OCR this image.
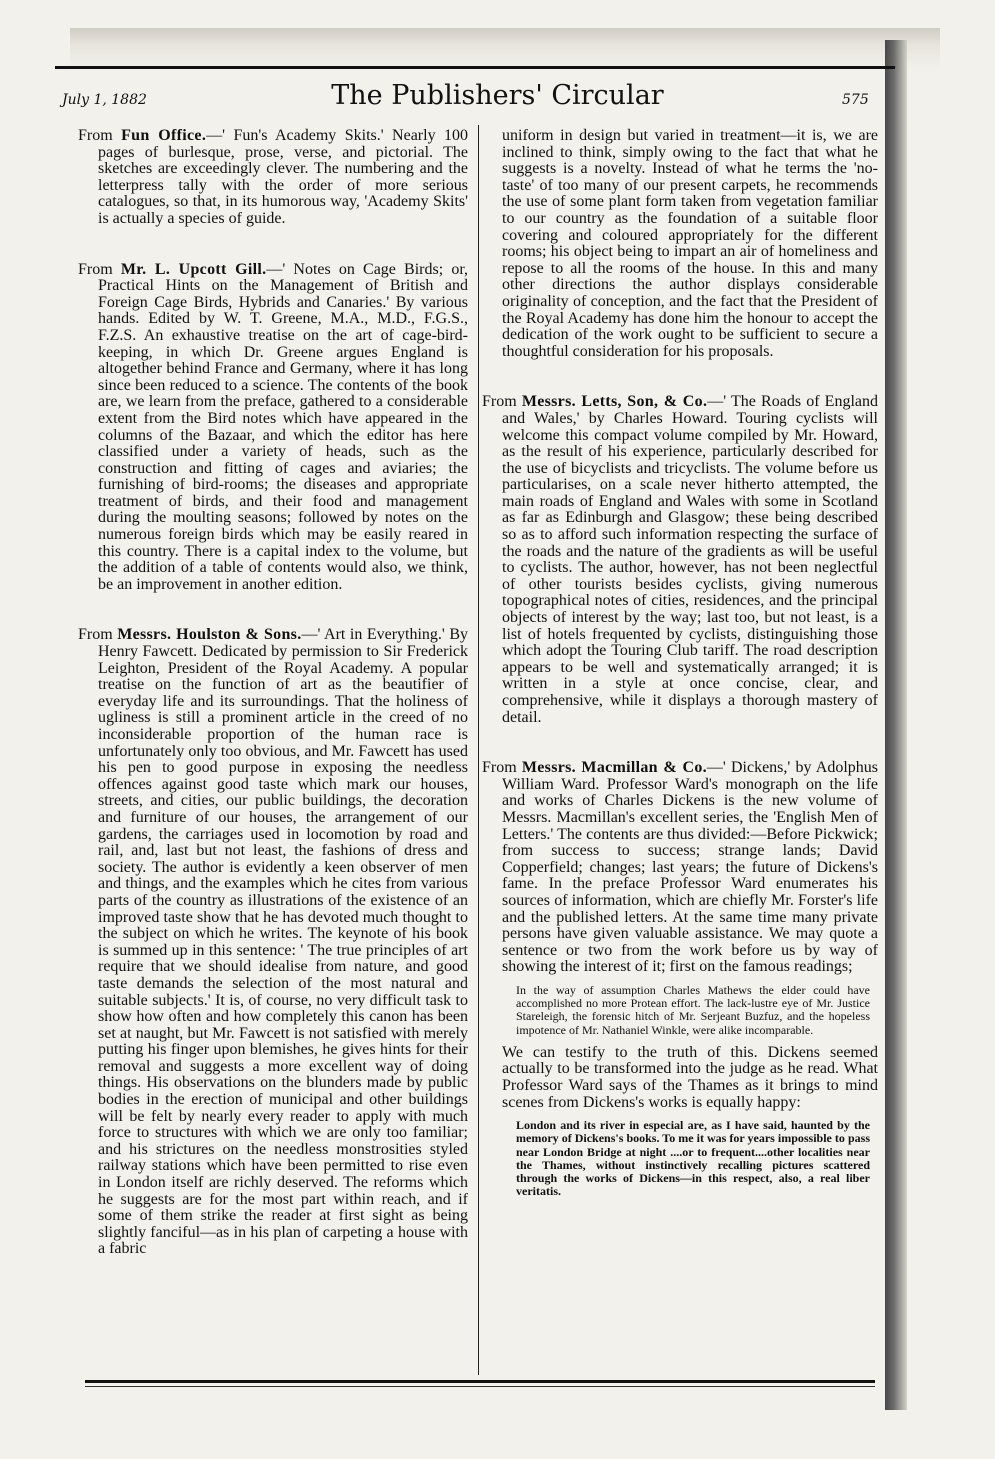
July 1, 1882	The Publishers' Circular	575

From Fun Office.—' Fun's Academy Skits.' Nearly 100 pages of burlesque, prose, verse, and pictorial. The sketches are exceedingly clever. The numbering and the letterpress tally with the order of more serious catalogues, so that, in its humorous way, 'Academy Skits' is actually a species of guide.

From Mr. L. Upcott Gill.—' Notes on Cage Birds; or, Practical Hints on the Management of British and Foreign Cage Birds, Hybrids and Canaries.' By various hands. Edited by W. T. Greene, M.A., M.D., F.G.S., F.Z.S. An exhaustive treatise on the art of cage-bird-keeping, in which Dr. Greene argues England is altogether behind France and Germany, where it has long since been reduced to a science. The contents of the book are, we learn from the preface, gathered to a considerable extent from the Bird notes which have appeared in the columns of the Bazaar, and which the editor has here classified under a variety of heads, such as the construction and fitting of cages and aviaries; the furnishing of bird-rooms; the diseases and appropriate treatment of birds, and their food and management during the moulting seasons; followed by notes on the numerous foreign birds which may be easily reared in this country. There is a capital index to the volume, but the addition of a table of contents would also, we think, be an improvement in another edition.

From Messrs. Houlston & Sons.—' Art in Everything.' By Henry Fawcett. Dedicated by permission to Sir Frederick Leighton, President of the Royal Academy. A popular treatise on the function of art as the beautifier of everyday life and its surroundings. That the holiness of ugliness is still a prominent article in the creed of no inconsiderable proportion of the human race is unfortunately only too obvious, and Mr. Fawcett has used his pen to good purpose in exposing the needless offences against good taste which mark our houses, streets, and cities, our public buildings, the decoration and furniture of our houses, the arrangement of our gardens, the carriages used in locomotion by road and rail, and, last but not least, the fashions of dress and society. The author is evidently a keen observer of men and things, and the examples which he cites from various parts of the country as illustrations of the existence of an improved taste show that he has devoted much thought to the subject on which he writes. The keynote of his book is summed up in this sentence: ' The true principles of art require that we should idealise from nature, and good taste demands the selection of the most natural and suitable subjects.' It is, of course, no very difficult task to show how often and how completely this canon has been set at naught, but Mr. Fawcett is not satisfied with merely putting his finger upon blemishes, he gives hints for their removal and suggests a more excellent way of doing things. His observations on the blunders made by public bodies in the erection of municipal and other buildings will be felt by nearly every reader to apply with much force to structures with which we are only too familiar; and his strictures on the needless monstrosities styled railway stations which have been permitted to rise even in London itself are richly deserved. The reforms which he suggests are for the most part within reach, and if some of them strike the reader at first sight as being slightly fanciful—as in his plan of carpeting a house with a fabric

uniform in design but varied in treatment—it is, we are inclined to think, simply owing to the fact that what he suggests is a novelty. Instead of what he terms the 'no-taste' of too many of our present carpets, he recommends the use of some plant form taken from vegetation familiar to our country as the foundation of a suitable floor covering and coloured appropriately for the different rooms; his object being to impart an air of homeliness and repose to all the rooms of the house. In this and many other directions the author displays considerable originality of conception, and the fact that the President of the Royal Academy has done him the honour to accept the dedication of the work ought to be sufficient to secure a thoughtful consideration for his proposals.

From Messrs. Letts, Son, & Co.—' The Roads of England and Wales,' by Charles Howard. Touring cyclists will welcome this compact volume compiled by Mr. Howard, as the result of his experience, particularly described for the use of bicyclists and tricyclists. The volume before us particularises, on a scale never hitherto attempted, the main roads of England and Wales with some in Scotland as far as Edinburgh and Glasgow; these being described so as to afford such information respecting the surface of the roads and the nature of the gradients as will be useful to cyclists. The author, however, has not been neglectful of other tourists besides cyclists, giving numerous topographical notes of cities, residences, and the principal objects of interest by the way; last too, but not least, is a list of hotels frequented by cyclists, distinguishing those which adopt the Touring Club tariff. The road description appears to be well and systematically arranged; it is written in a style at once concise, clear, and comprehensive, while it displays a thorough mastery of detail.

From Messrs. Macmillan & Co.—' Dickens,' by Adolphus William Ward. Professor Ward's monograph on the life and works of Charles Dickens is the new volume of Messrs. Macmillan's excellent series, the 'English Men of Letters.' The contents are thus divided:—Before Pickwick; from success to success; strange lands; David Copperfield; changes; last years; the future of Dickens's fame. In the preface Professor Ward enumerates his sources of information, which are chiefly Mr. Forster's life and the published letters. At the same time many private persons have given valuable assistance. We may quote a sentence or two from the work before us by way of showing the interest of it; first on the famous readings;

In the way of assumption Charles Mathews the elder could have accomplished no more Protean effort. The lack-lustre eye of Mr. Justice Stareleigh, the forensic hitch of Mr. Serjeant Buzfuz, and the hopeless impotence of Mr. Nathaniel Winkle, were alike incomparable.

We can testify to the truth of this. Dickens seemed actually to be transformed into the judge as he read. What Professor Ward says of the Thames as it brings to mind scenes from Dickens's works is equally happy:

London and its river in especial are, as I have said, haunted by the memory of Dickens's books. To me it was for years impossible to pass near London Bridge at night ....or to frequent....other localities near the Thames, without instinctively recalling pictures scattered through the works of Dickens—in this respect, also, a real liber veritatis.
